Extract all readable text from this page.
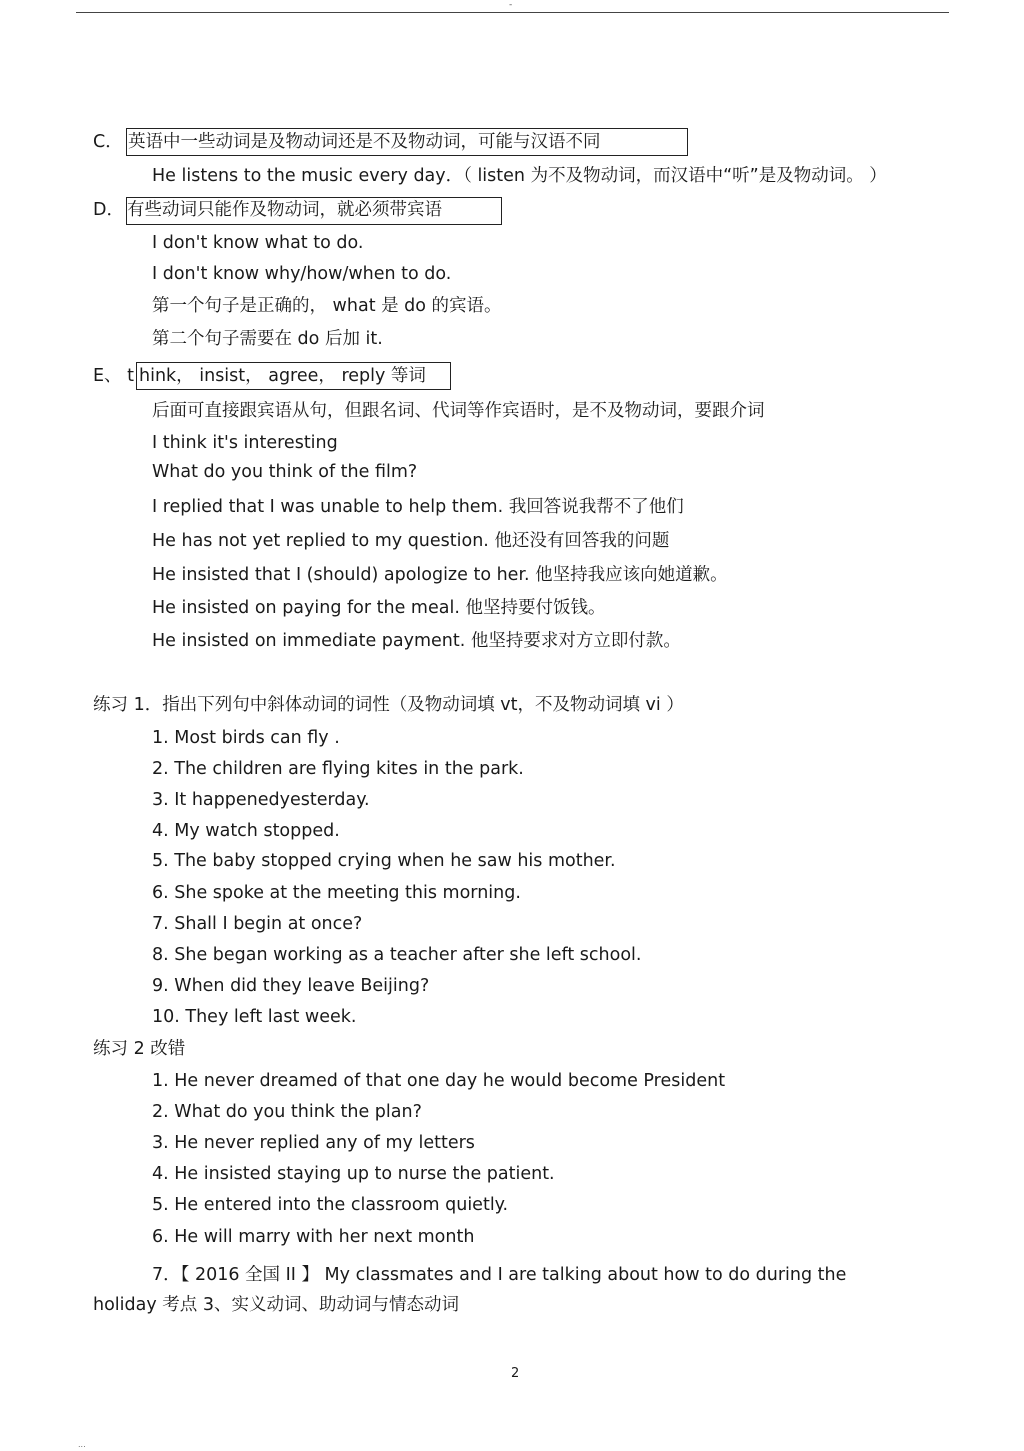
-
C． 英语中一些动词是及物动词还是不及物动词，可能与汉语不同
He listens to the music every day．（ listen 为不及物动词，而汉语中“听”是及物动词。 ）
D． 有些动词只能作及物动词，就必须带宾语
I don't know what to do.
I don't know why/how/when to do.
第一个句子是正确的， what 是 do 的宾语。
第二个句子需要在 do 后加 it.
E、 t hink， insist， agree， reply 等词
后面可直接跟宾语从句，但跟名词、代词等作宾语时，是不及物动词，要跟介词
I think it's interesting
What do you think of the film?
I replied that I was unable to help them. 我回答说我帮不了他们
He has not yet replied to my question. 他还没有回答我的问题
He insisted that I (should) apologize to her. 他坚持我应该向她道歉。
He insisted on paying for the meal. 他坚持要付饭钱。
He insisted on immediate payment. 他坚持要求对方立即付款。
练习 1．指出下列句中斜体动词的词性（及物动词填 vt，不及物动词填 vi ）
1. Most birds can fly .
2. The children are flying kites in the park.
3. It happenedyesterday.
4. My watch stopped.
5. The baby stopped crying when he saw his mother.
6. She spoke at the meeting this morning.
7. Shall I begin at once?
8. She began working as a teacher after she left school.
9. When did they leave Beijing?
10. They left last week.
练习 2 改错
1. He never dreamed of that one day he would become President
2. What do you think the plan?
3. He never replied any of my letters
4. He insisted staying up to nurse the patient.
5. He entered into the classroom quietly.
6. He will marry with her next month
7．【 2016 全国 II 】 My classmates and I are talking about how to do during the
holiday 考点 3、实义动词、助动词与情态动词
2
...
